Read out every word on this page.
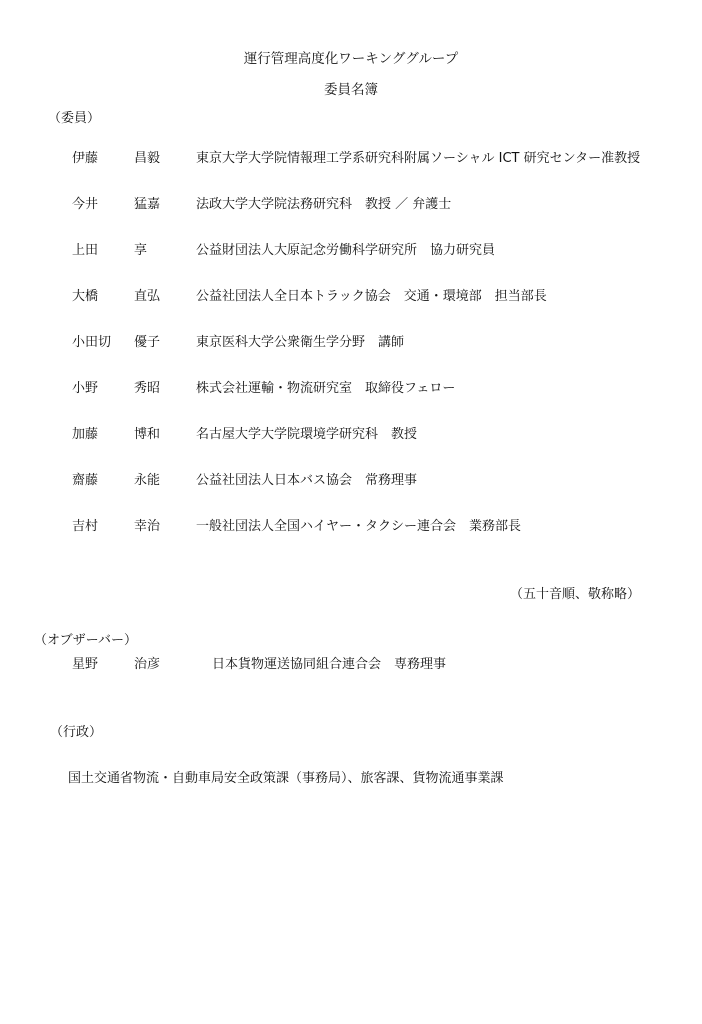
運行管理高度化ワーキンググループ
委員名簿
（委員）
伊藤	昌毅	東京大学大学院情報理工学系研究科附属ソーシャル ICT 研究センター准教授
今井	猛嘉	法政大学大学院法務研究科　教授 ／ 弁護士
上田	享	公益財団法人大原記念労働科学研究所　協力研究員
大橋	直弘	公益社団法人全日本トラック協会　交通・環境部　担当部長
小田切 優子	東京医科大学公衆衛生学分野　講師
小野	秀昭	株式会社運輸・物流研究室　取締役フェロー
加藤	博和	名古屋大学大学院環境学研究科　教授
齋藤	永能	公益社団法人日本バス協会　常務理事
吉村	幸治	一般社団法人全国ハイヤー・タクシー連合会　業務部長
（五十音順、敬称略）
（オブザーバー）
星野	治彦	日本貨物運送協同組合連合会　専務理事
（行政）
国土交通省物流・自動車局安全政策課（事務局）、旅客課、貨物流通事業課
